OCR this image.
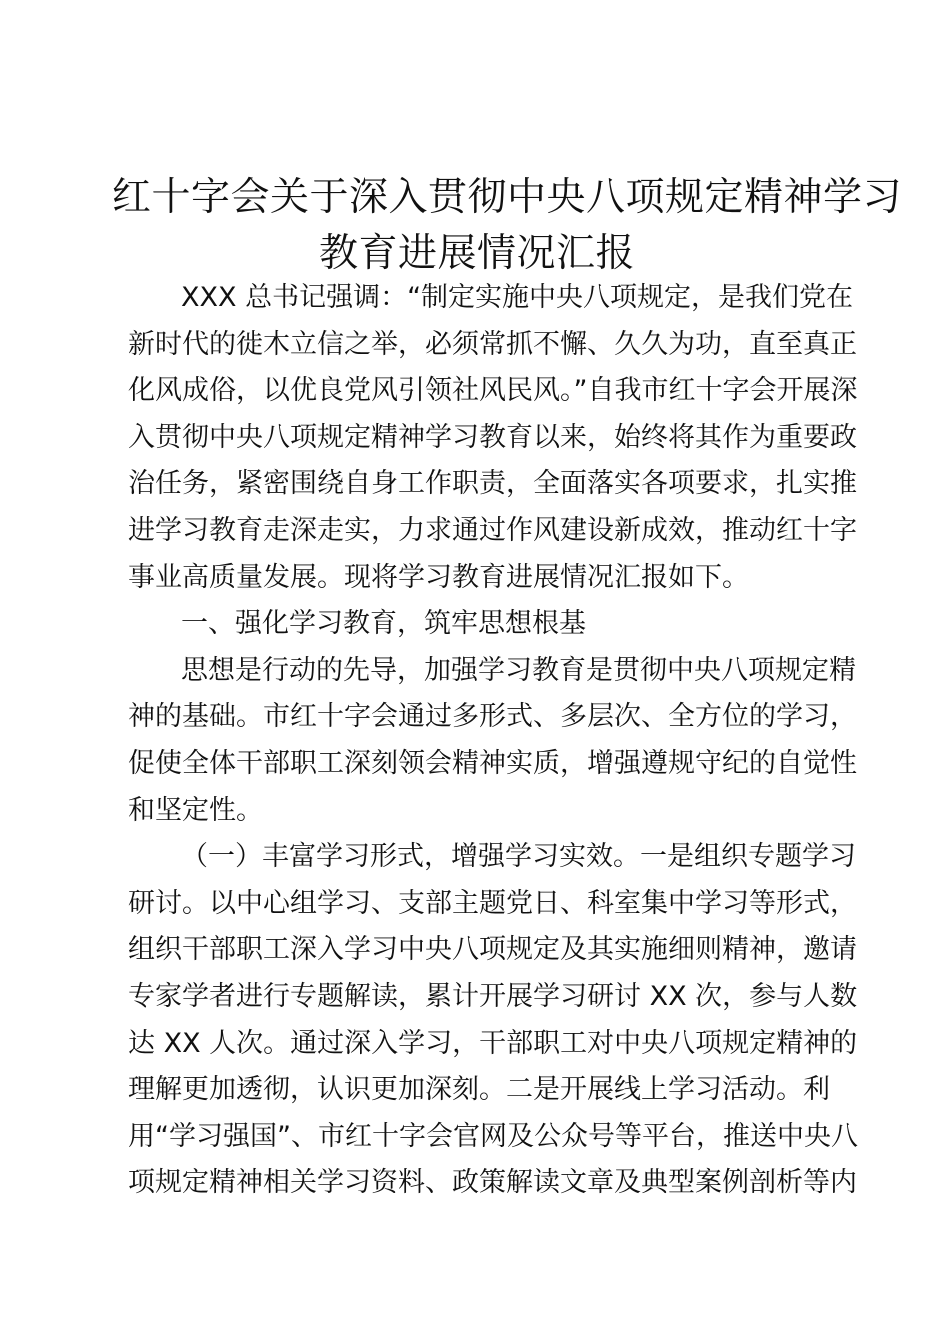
红十字会关于深入贯彻中央八项规定精神学习
教育进展情况汇报
XXX 总书记强调：“制定实施中央八项规定，是我们党在
新时代的徙木立信之举，必须常抓不懈、久久为功，直至真正
化风成俗，以优良党风引领社风民风。”自我市红十字会开展深
入贯彻中央八项规定精神学习教育以来，始终将其作为重要政
治任务，紧密围绕自身工作职责，全面落实各项要求，扎实推
进学习教育走深走实，力求通过作风建设新成效，推动红十字
事业高质量发展。现将学习教育进展情况汇报如下。
一、强化学习教育，筑牢思想根基
思想是行动的先导，加强学习教育是贯彻中央八项规定精
神的基础。市红十字会通过多形式、多层次、全方位的学习，
促使全体干部职工深刻领会精神实质，增强遵规守纪的自觉性
和坚定性。
（一）丰富学习形式，增强学习实效。一是组织专题学习
研讨。以中心组学习、支部主题党日、科室集中学习等形式，
组织干部职工深入学习中央八项规定及其实施细则精神，邀请
专家学者进行专题解读，累计开展学习研讨 XX 次，参与人数
达 XX 人次。通过深入学习，干部职工对中央八项规定精神的
理解更加透彻，认识更加深刻。二是开展线上学习活动。利
用“学习强国”、市红十字会官网及公众号等平台，推送中央八
项规定精神相关学习资料、政策解读文章及典型案例剖析等内
